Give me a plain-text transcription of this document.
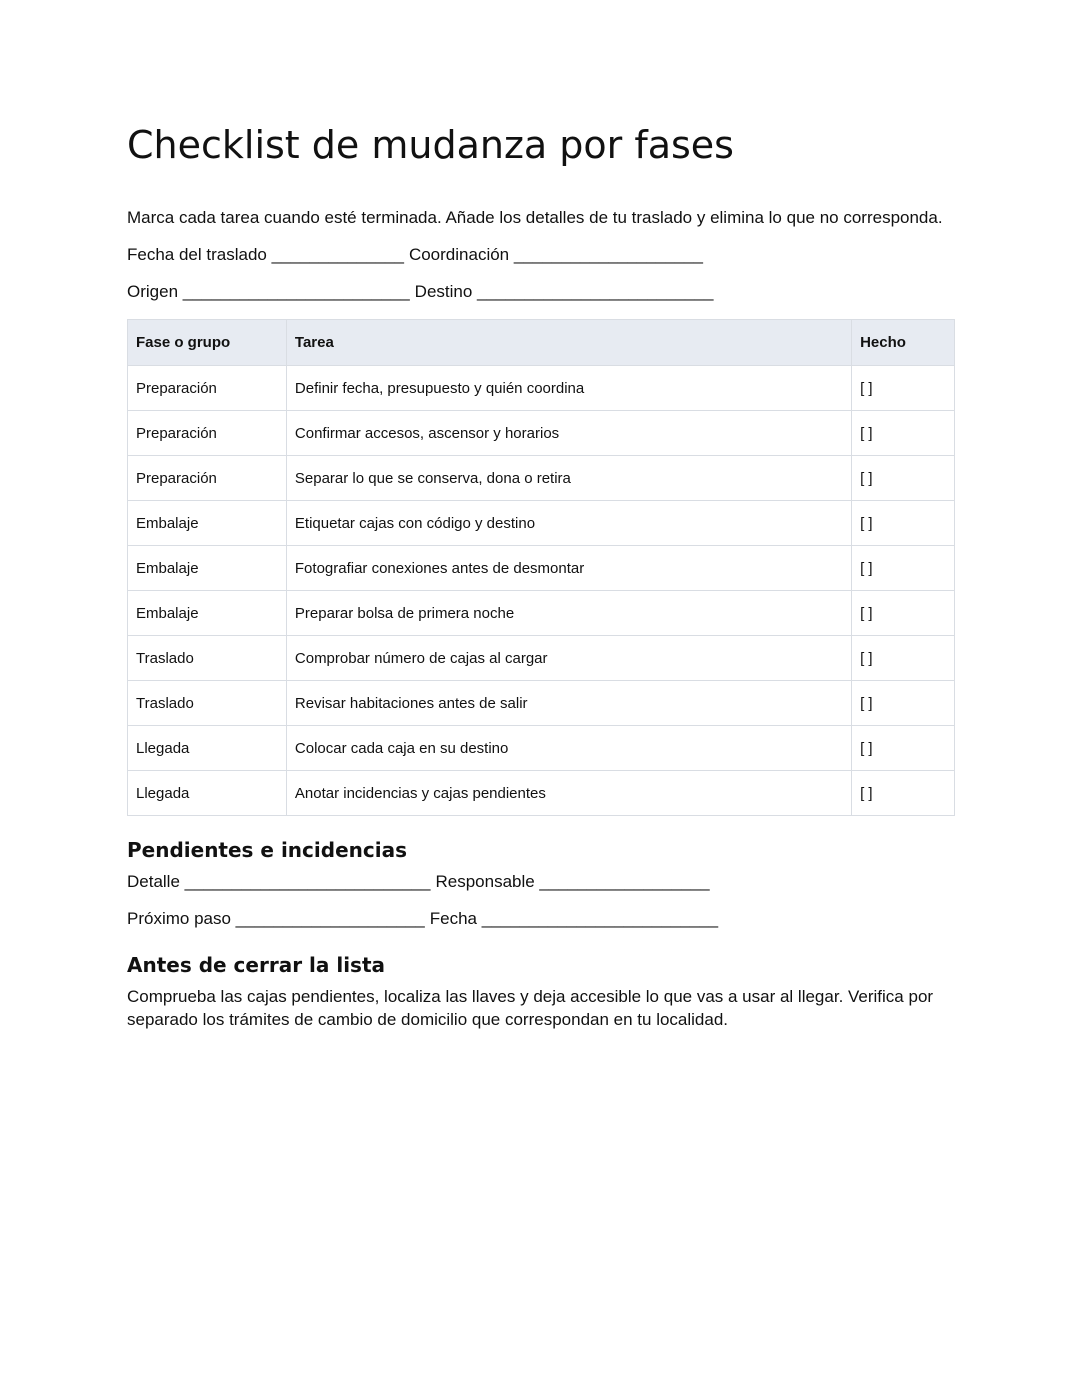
Checklist de mudanza por fases

Marca cada tarea cuando esté terminada. Añade los detalles de tu traslado y elimina lo que no corresponda.

Fecha del traslado ______________ Coordinación ____________________
Origen ________________________ Destino _________________________
Fase o grupo	Tarea	Hecho
Preparación	Definir fecha, presupuesto y quién coordina	[ ]
Preparación	Confirmar accesos, ascensor y horarios	[ ]
Preparación	Separar lo que se conserva, dona o retira	[ ]
Embalaje	Etiquetar cajas con código y destino	[ ]
Embalaje	Fotografiar conexiones antes de desmontar	[ ]
Embalaje	Preparar bolsa de primera noche	[ ]
Traslado	Comprobar número de cajas al cargar	[ ]
Traslado	Revisar habitaciones antes de salir	[ ]
Llegada	Colocar cada caja en su destino	[ ]
Llegada	Anotar incidencias y cajas pendientes	[ ]
Pendientes e incidencias
Detalle __________________________ Responsable __________________
Próximo paso ____________________ Fecha _________________________
Antes de cerrar la lista

Comprueba las cajas pendientes, localiza las llaves y deja accesible lo que vas a usar al llegar. Verifica por separado los trámites de cambio de domicilio que correspondan en tu localidad.
